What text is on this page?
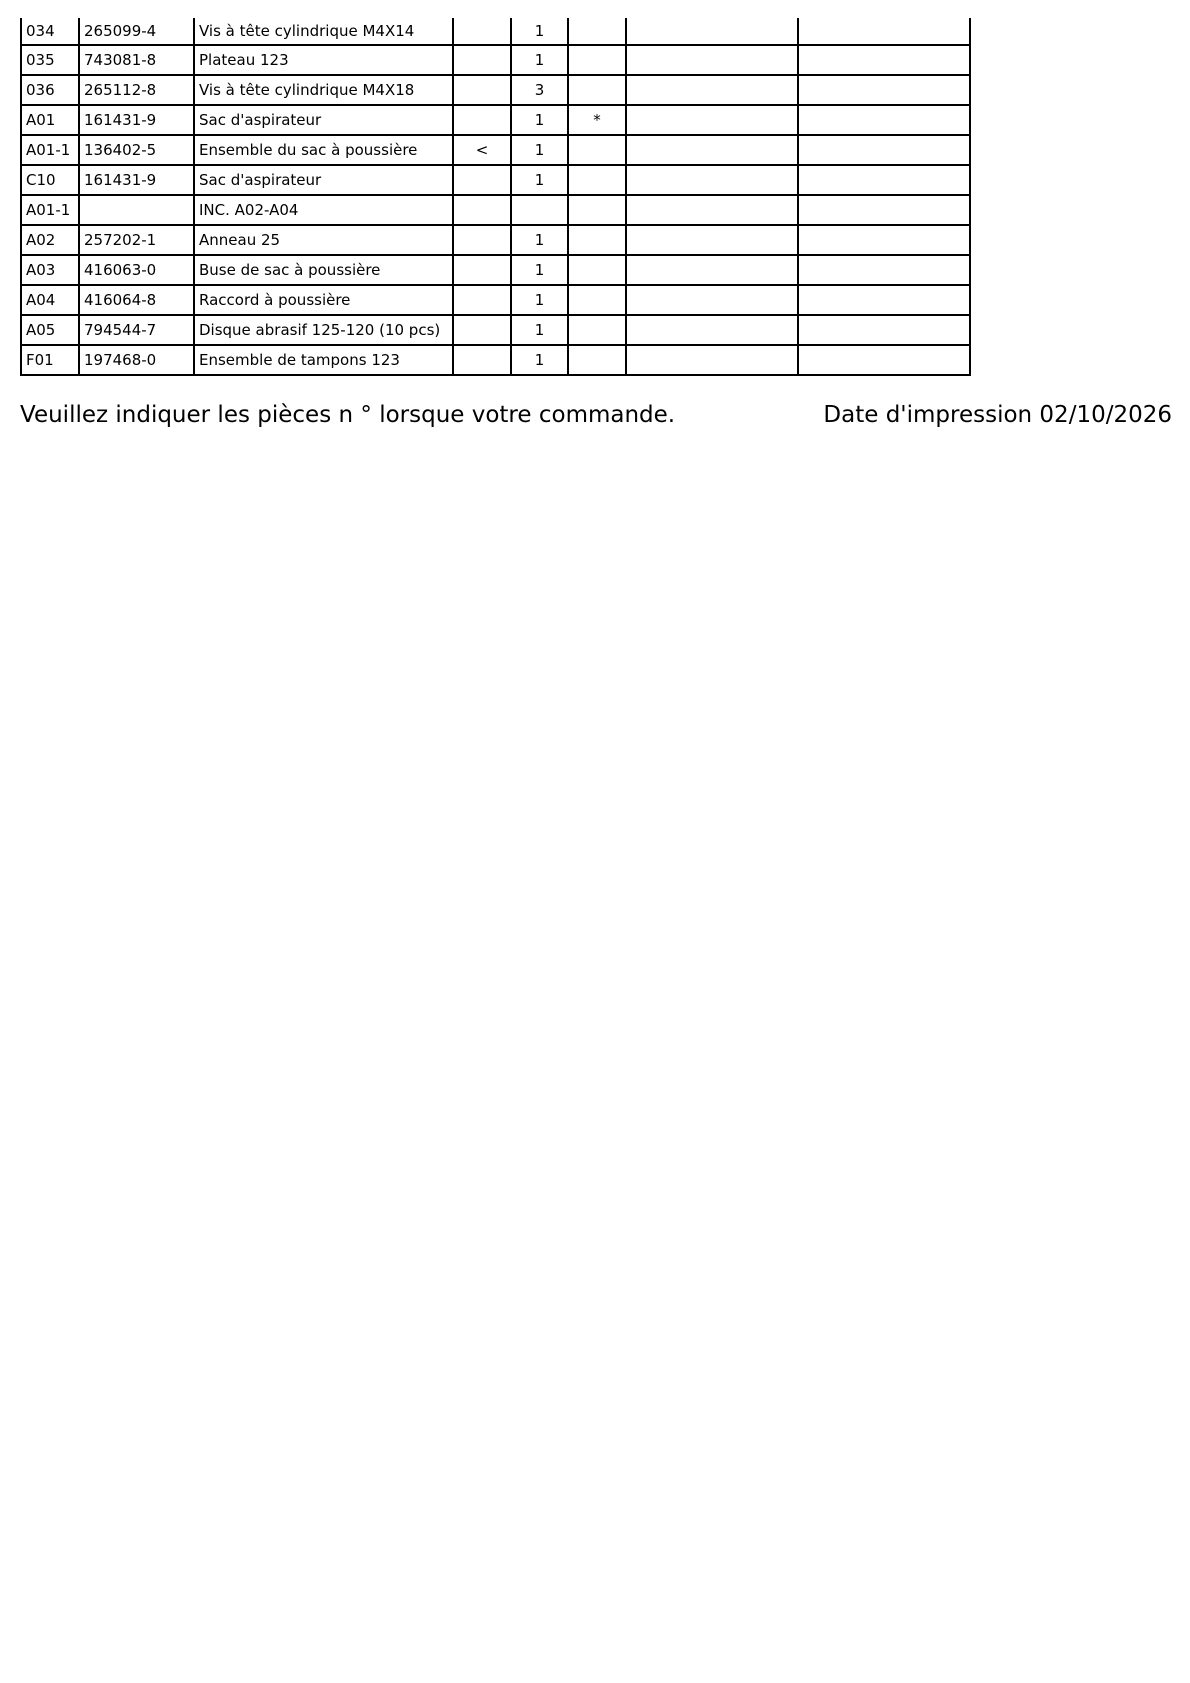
034	265099-4	Vis à tête cylindrique M4X14		1			
035	743081-8	Plateau 123		1			
036	265112-8	Vis à tête cylindrique M4X18		3			
A01	161431-9	Sac d'aspirateur		1	*		
A01-1	136402-5	Ensemble du sac à poussière	<	1			
C10	161431-9	Sac d'aspirateur		1			
A01-1		INC. A02-A04					
A02	257202-1	Anneau 25		1			
A03	416063-0	Buse de sac à poussière		1			
A04	416064-8	Raccord à poussière		1			
A05	794544-7	Disque abrasif 125-120 (10 pcs)		1			
F01	197468-0	Ensemble de tampons 123		1			
Veuillez indiquer les pièces n ° lorsque votre commande.	Date d'impression 02/10/2026
